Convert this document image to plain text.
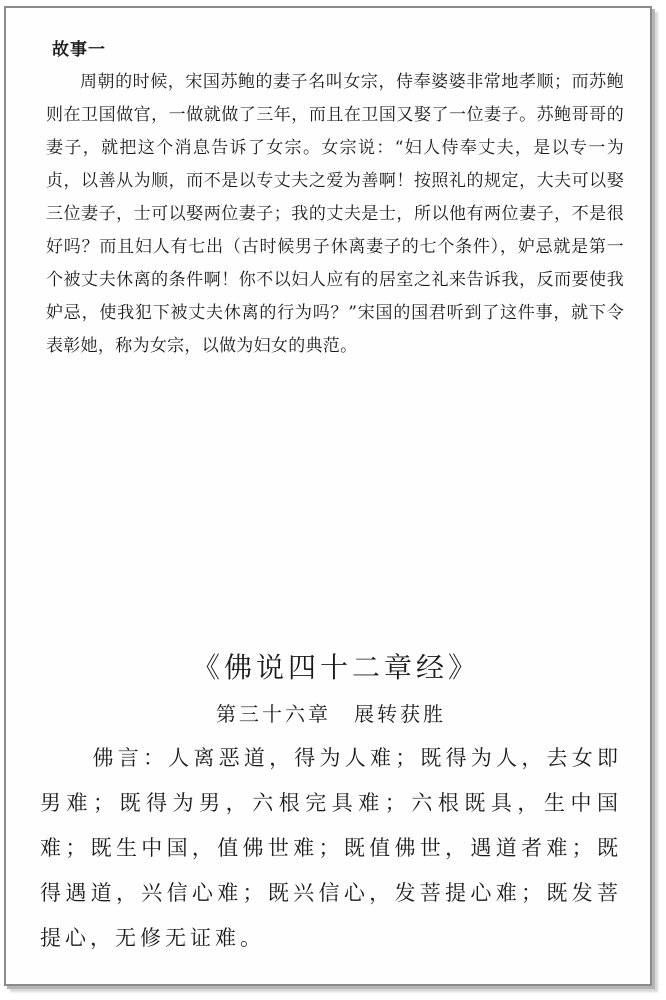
故事一

周朝的时候，宋国苏鲍的妻子名叫女宗，侍奉婆婆非常地孝顺；而苏鲍则在卫国做官，一做就做了三年，而且在卫国又娶了一位妻子。苏鲍哥哥的妻子，就把这个消息告诉了女宗。女宗说：“妇人侍奉丈夫，是以专一为贞，以善从为顺，而不是以专丈夫之爱为善啊！按照礼的规定，大夫可以娶三位妻子，士可以娶两位妻子；我的丈夫是士，所以他有两位妻子，不是很好吗？而且妇人有七出（古时候男子休离妻子的七个条件），妒忌就是第一个被丈夫休离的条件啊！你不以妇人应有的居室之礼来告诉我，反而要使我妒忌，使我犯下被丈夫休离的行为吗？”宋国的国君听到了这件事，就下令表彰她，称为女宗，以做为妇女的典范。

《佛说四十二章经》
第三十六章　展转获胜

佛言：人离恶道，得为人难；既得为人，去女即男难；既得为男，六根完具难；六根既具，生中国难；既生中国，值佛世难；既值佛世，遇道者难；既得遇道，兴信心难；既兴信心，发菩提心难；既发菩提心，无修无证难。
